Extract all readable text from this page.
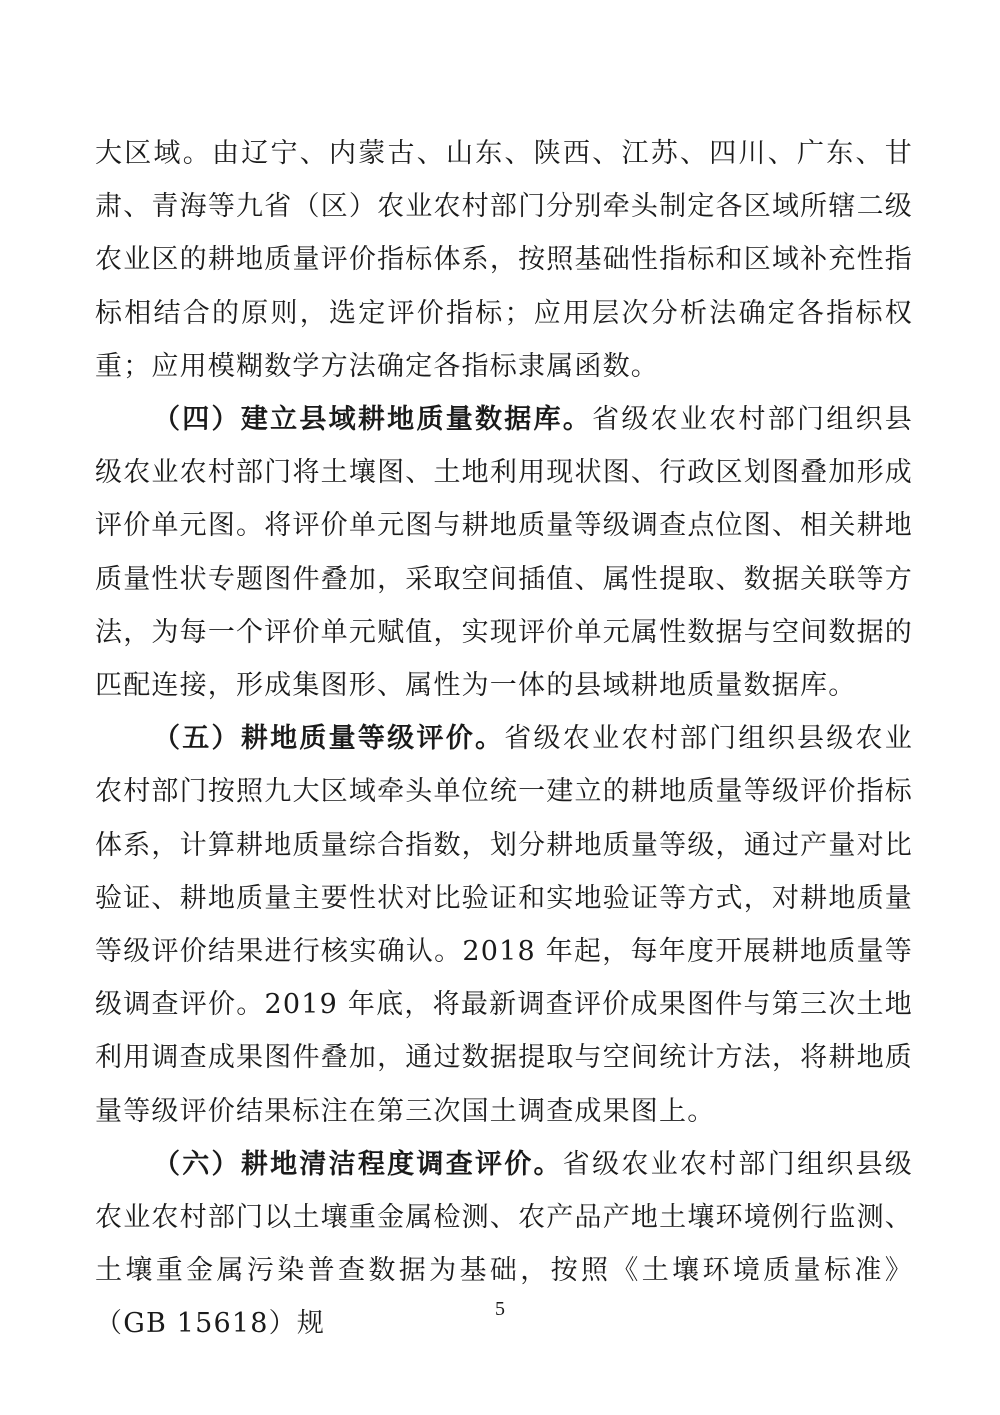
大区域。由辽宁、内蒙古、山东、陕西、江苏、四川、广东、甘肃、青海等九省（区）农业农村部门分别牵头制定各区域所辖二级农业区的耕地质量评价指标体系，按照基础性指标和区域补充性指标相结合的原则，选定评价指标；应用层次分析法确定各指标权重；应用模糊数学方法确定各指标隶属函数。

（四）建立县域耕地质量数据库。省级农业农村部门组织县级农业农村部门将土壤图、土地利用现状图、行政区划图叠加形成评价单元图。将评价单元图与耕地质量等级调查点位图、相关耕地质量性状专题图件叠加，采取空间插值、属性提取、数据关联等方法，为每一个评价单元赋值，实现评价单元属性数据与空间数据的匹配连接，形成集图形、属性为一体的县域耕地质量数据库。

（五）耕地质量等级评价。省级农业农村部门组织县级农业农村部门按照九大区域牵头单位统一建立的耕地质量等级评价指标体系，计算耕地质量综合指数，划分耕地质量等级，通过产量对比验证、耕地质量主要性状对比验证和实地验证等方式，对耕地质量等级评价结果进行核实确认。2018 年起，每年度开展耕地质量等级调查评价。2019 年底，将最新调查评价成果图件与第三次土地利用调查成果图件叠加，通过数据提取与空间统计方法，将耕地质量等级评价结果标注在第三次国土调查成果图上。

（六）耕地清洁程度调查评价。省级农业农村部门组织县级农业农村部门以土壤重金属检测、农产品产地土壤环境例行监测、土壤重金属污染普查数据为基础，按照《土壤环境质量标准》（GB 15618）规	5
